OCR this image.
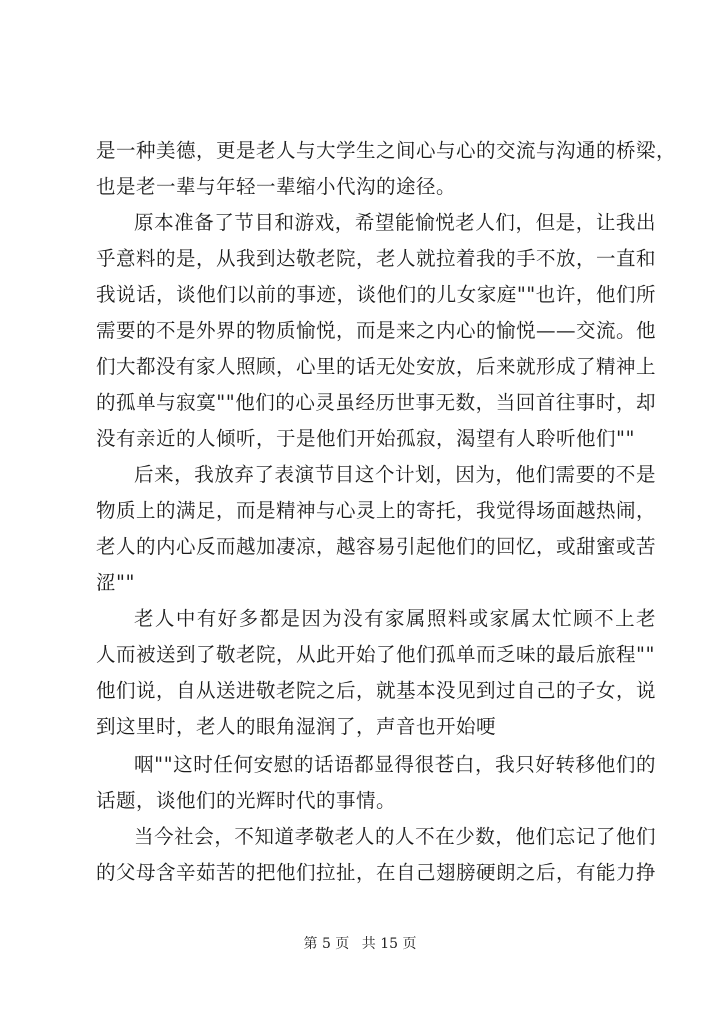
是一种美德，更是老人与大学生之间心与心的交流与沟通的桥梁，
也是老一辈与年轻一辈缩小代沟的途径。
原本准备了节目和游戏，希望能愉悦老人们，但是，让我出
乎意料的是，从我到达敬老院，老人就拉着我的手不放，一直和
我说话，谈他们以前的事迹，谈他们的儿女家庭""也许，他们所
需要的不是外界的物质愉悦，而是来之内心的愉悦——交流。他
们大都没有家人照顾，心里的话无处安放，后来就形成了精神上
的孤单与寂寞""他们的心灵虽经历世事无数，当回首往事时，却
没有亲近的人倾听，于是他们开始孤寂，渴望有人聆听他们""
后来，我放弃了表演节目这个计划，因为，他们需要的不是
物质上的满足，而是精神与心灵上的寄托，我觉得场面越热闹，
老人的内心反而越加凄凉，越容易引起他们的回忆，或甜蜜或苦
涩""
老人中有好多都是因为没有家属照料或家属太忙顾不上老
人而被送到了敬老院，从此开始了他们孤单而乏味的最后旅程""
他们说，自从送进敬老院之后，就基本没见到过自己的子女，说
到这里时，老人的眼角湿润了，声音也开始哽
咽""这时任何安慰的话语都显得很苍白，我只好转移他们的
话题，谈他们的光辉时代的事情。
当今社会，不知道孝敬老人的人不在少数，他们忘记了他们
的父母含辛茹苦的把他们拉扯，在自己翅膀硬朗之后，有能力挣
第 5 页 共 15 页
